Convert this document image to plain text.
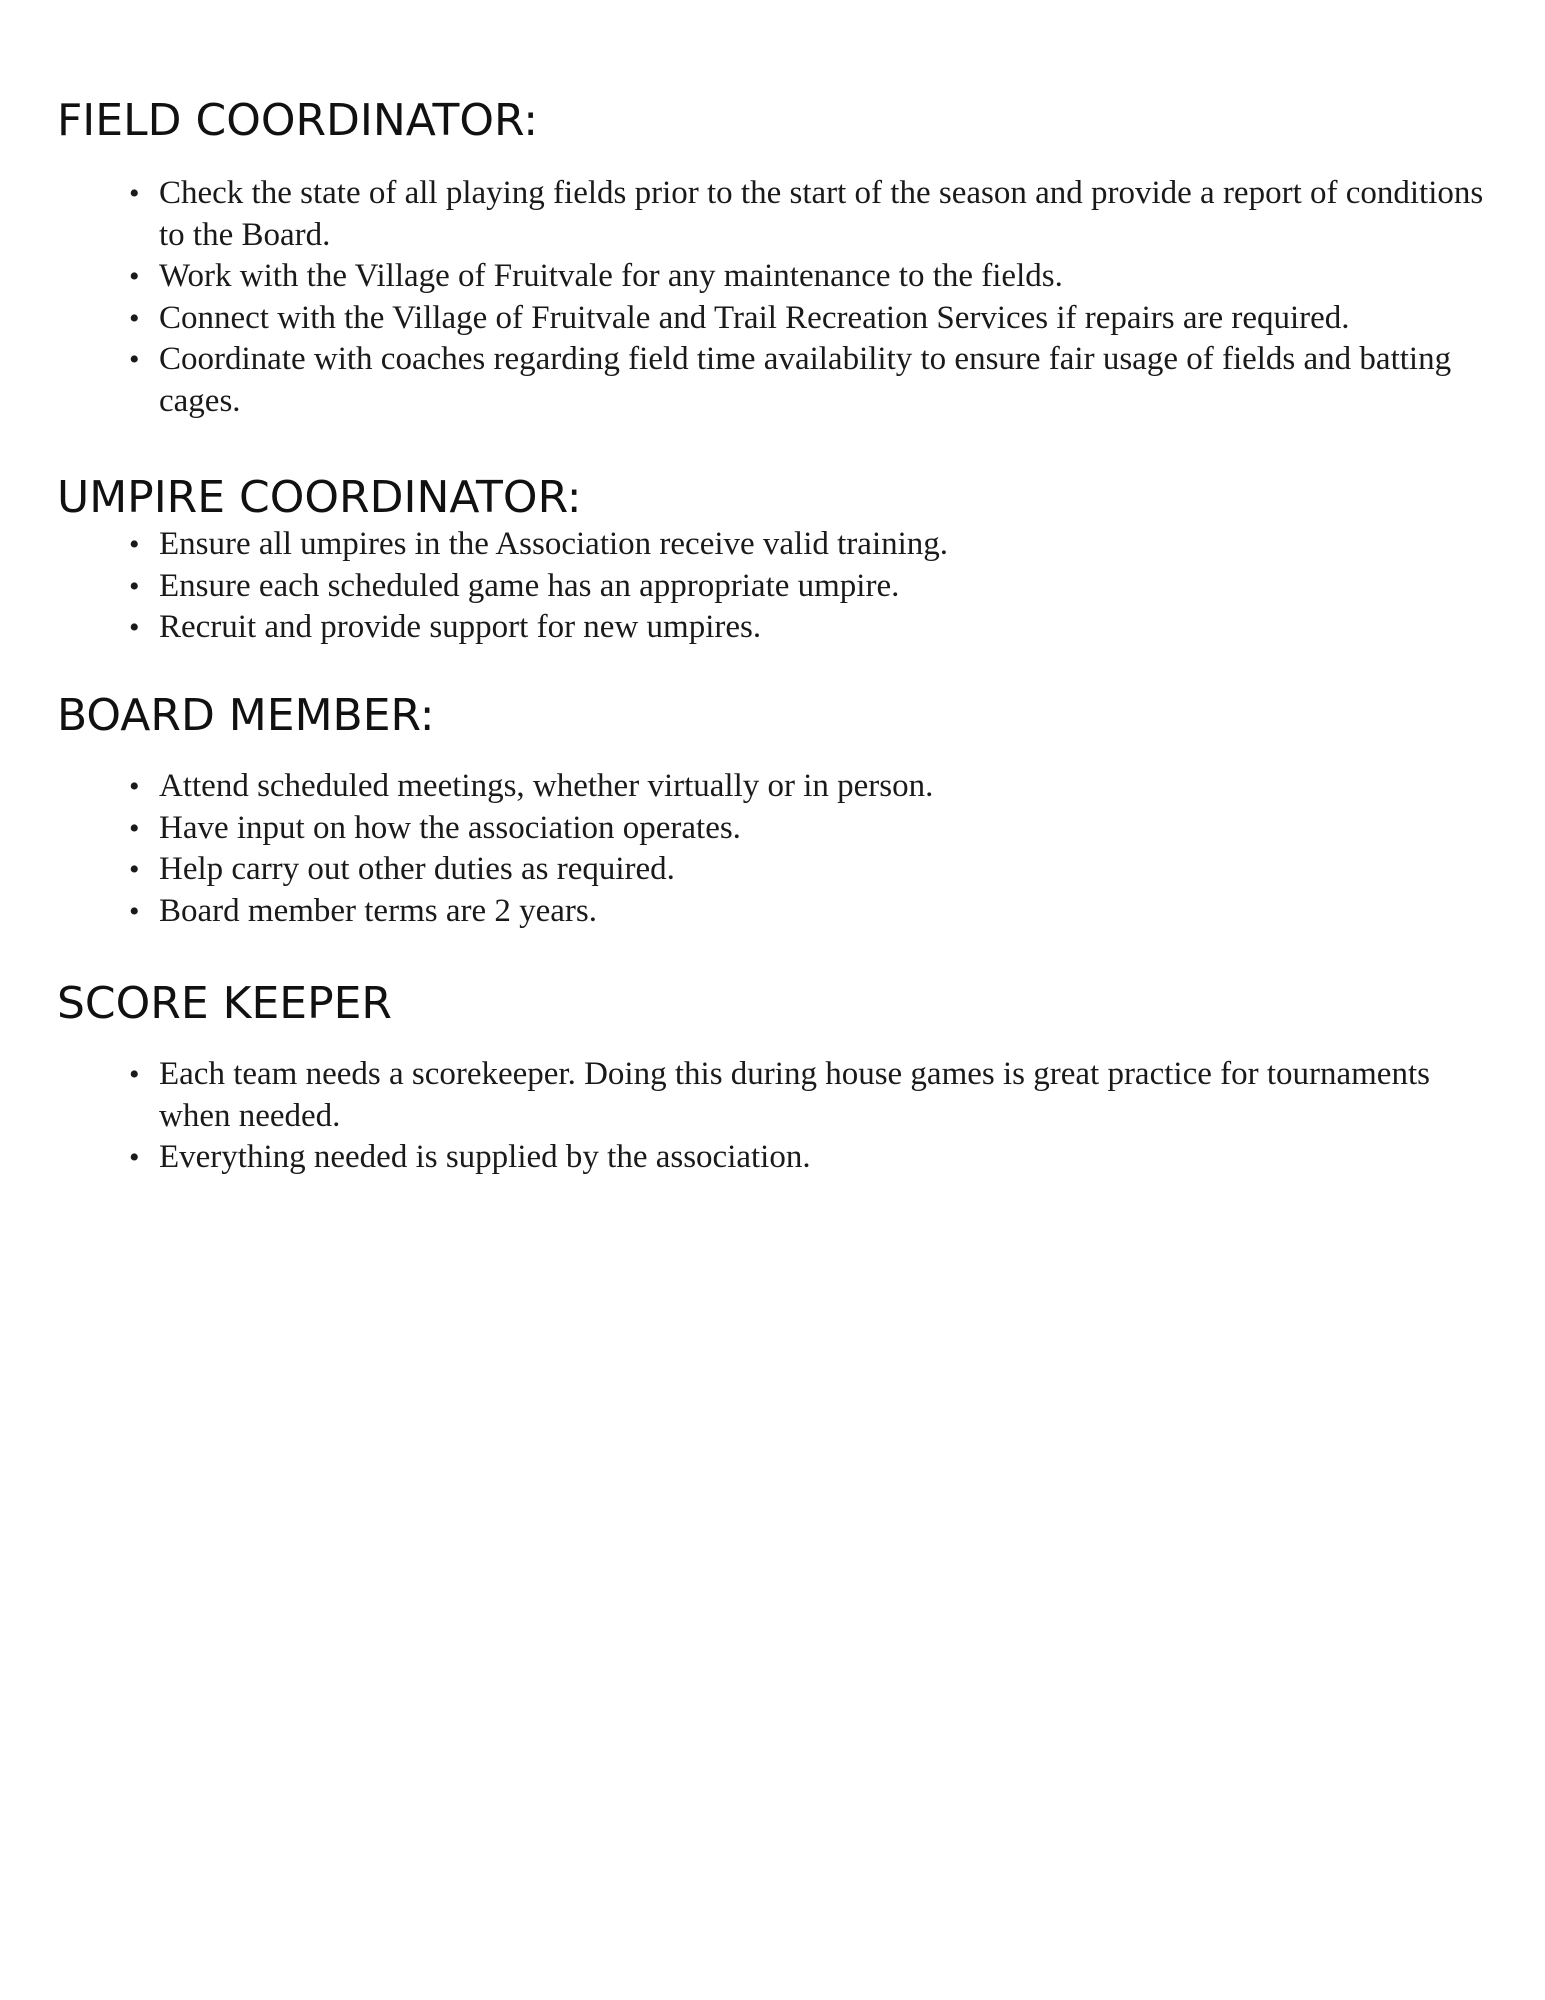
FIELD COORDINATOR:
• Check the state of all playing fields prior to the start of the season and provide a report of conditions to the Board.
• Work with the Village of Fruitvale for any maintenance to the fields.
• Connect with the Village of Fruitvale and Trail Recreation Services if repairs are required.
• Coordinate with coaches regarding field time availability to ensure fair usage of fields and batting cages.
UMPIRE COORDINATOR:
• Ensure all umpires in the Association receive valid training.
• Ensure each scheduled game has an appropriate umpire.
• Recruit and provide support for new umpires.
BOARD MEMBER:
• Attend scheduled meetings, whether virtually or in person.
• Have input on how the association operates.
• Help carry out other duties as required.
• Board member terms are 2 years.
SCORE KEEPER
• Each team needs a scorekeeper. Doing this during house games is great practice for tournaments when needed.
• Everything needed is supplied by the association.
